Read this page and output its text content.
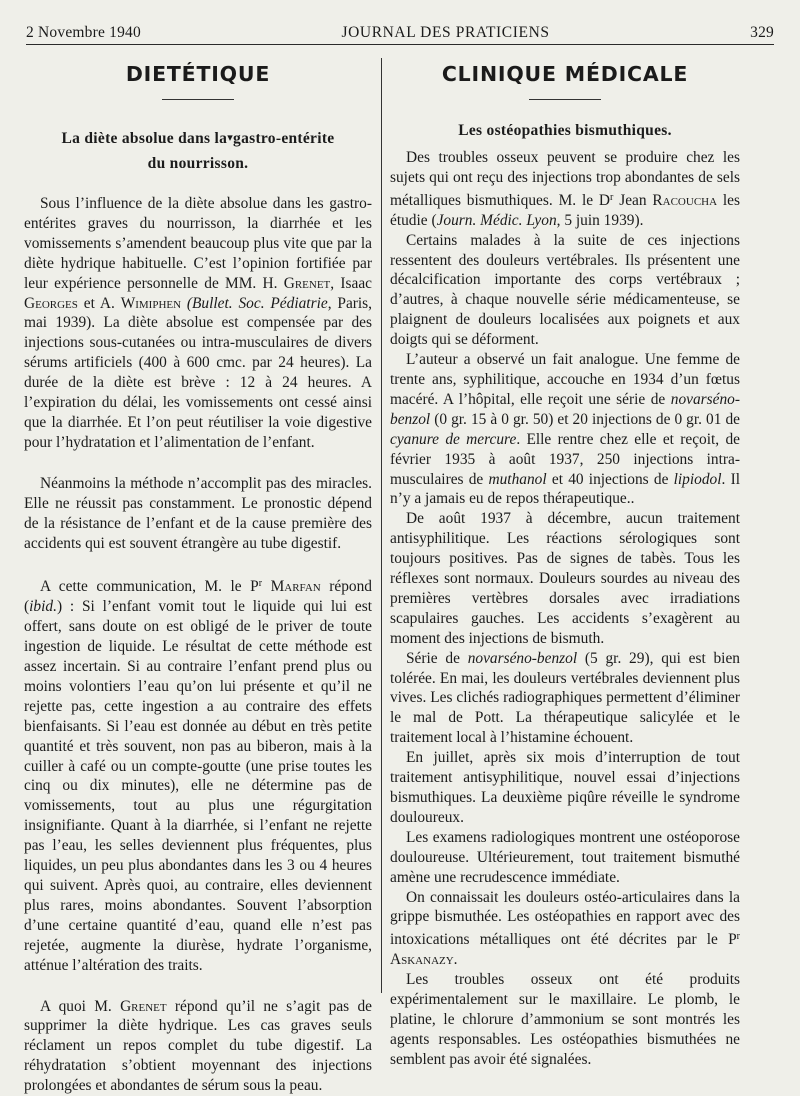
2 Novembre 1940	JOURNAL DES PRATICIENS	329
DIETÉTIQUE
La diète absolue dans la▾gastro-entérite
du nourrisson.

Sous l’influence de la diète absolue dans les gastro-entérites graves du nourrisson, la diarrhée et les vomissements s’amendent beaucoup plus vite que par la diète hydrique habituelle. C’est l’opinion fortifiée par leur expérience personnelle de MM. H. Grenet, Isaac Georges et A. Wimiphen (Bullet. Soc. Pédiatrie, Paris, mai 1939). La diète absolue est compensée par des injections sous-cutanées ou intra-musculaires de divers sérums artificiels (400 à 600 cmc. par 24 heures). La durée de la diète est brève : 12 à 24 heures. A l’expiration du délai, les vomissements ont cessé ainsi que la diarrhée. Et l’on peut réutiliser la voie digestive pour l’hydratation et l’alimentation de l’enfant.

Néanmoins la méthode n’accomplit pas des miracles. Elle ne réussit pas constamment. Le pronostic dépend de la résistance de l’enfant et de la cause première des accidents qui est souvent étrangère au tube digestif.

A cette communication, M. le $P^r$ Marfan répond (ibid.) : Si l’enfant vomit tout le liquide qui lui est offert, sans doute on est obligé de le priver de toute ingestion de liquide. Le résultat de cette méthode est assez incertain. Si au contraire l’enfant prend plus ou moins volontiers l’eau qu’on lui présente et qu’il ne rejette pas, cette ingestion a au contraire des effets bienfaisants. Si l’eau est donnée au début en très petite quantité et très souvent, non pas au biberon, mais à la cuiller à café ou un compte-goutte (une prise toutes les cinq ou dix minutes), elle ne détermine pas de vomissements, tout au plus une régurgitation insignifiante. Quant à la diarrhée, si l’enfant ne rejette pas l’eau, les selles deviennent plus fréquentes, plus liquides, un peu plus abondantes dans les 3 ou 4 heures qui suivent. Après quoi, au contraire, elles deviennent plus rares, moins abondantes. Souvent l’absorption d’une certaine quantité d’eau, quand elle n’est pas rejetée, augmente la diurèse, hydrate l’organisme, atténue l’altération des traits.

A quoi M. Grenet répond qu’il ne s’agit pas de supprimer la diète hydrique. Les cas graves seuls réclament un repos complet du tube digestif. La réhydratation s’obtient moyennant des injections prolongées et abondantes de sérum sous la peau.

CLINIQUE MÉDICALE
Les ostéopathies bismuthiques.

Des troubles osseux peuvent se produire chez les sujets qui ont reçu des injections trop abondantes de sels métalliques bismuthiques. M. le $D^r$ Jean Racoucha les étudie (Journ. Médic. Lyon, 5 juin 1939).

Certains malades à la suite de ces injections ressentent des douleurs vertébrales. Ils présentent une décalcification importante des corps vertébraux ; d’autres, à chaque nouvelle série médicamenteuse, se plaignent de douleurs localisées aux poignets et aux doigts qui se déforment.

L’auteur a observé un fait analogue. Une femme de trente ans, syphilitique, accouche en 1934 d’un fœtus macéré. A l’hôpital, elle reçoit une série de novarséno-benzol (0 gr. 15 à 0 gr. 50) et 20 injections de 0 gr. 01 de cyanure de mercure. Elle rentre chez elle et reçoit, de février 1935 à août 1937, 250 injections intra-musculaires de muthanol et 40 injections de lipiodol. Il n’y a jamais eu de repos thérapeutique..

De août 1937 à décembre, aucun traitement antisyphilitique. Les réactions sérologiques sont toujours positives. Pas de signes de tabès. Tous les réflexes sont normaux. Douleurs sourdes au niveau des premières vertèbres dorsales avec irradiations scapulaires gauches. Les accidents s’exagèrent au moment des injections de bismuth.

Série de novarséno-benzol (5 gr. 29), qui est bien tolérée. En mai, les douleurs vertébrales deviennent plus vives. Les clichés radiographiques permettent d’éliminer le mal de Pott. La thérapeutique salicylée et le traitement local à l’histamine échouent.

En juillet, après six mois d’interruption de tout traitement antisyphilitique, nouvel essai d’injections bismuthiques. La deuxième piqûre réveille le syndrome douloureux.

Les examens radiologiques montrent une ostéoporose douloureuse. Ultérieurement, tout traitement bismuthé amène une recrudescence immédiate.

On connaissait les douleurs ostéo-articulaires dans la grippe bismuthée. Les ostéopathies en rapport avec des intoxications métalliques ont été décrites par le $P^r$ Askanazy.

Les troubles osseux ont été produits expérimentalement sur le maxillaire. Le plomb, le platine, le chlorure d’ammonium se sont montrés les agents responsables. Les ostéopathies bismuthées ne semblent pas avoir été signalées.
